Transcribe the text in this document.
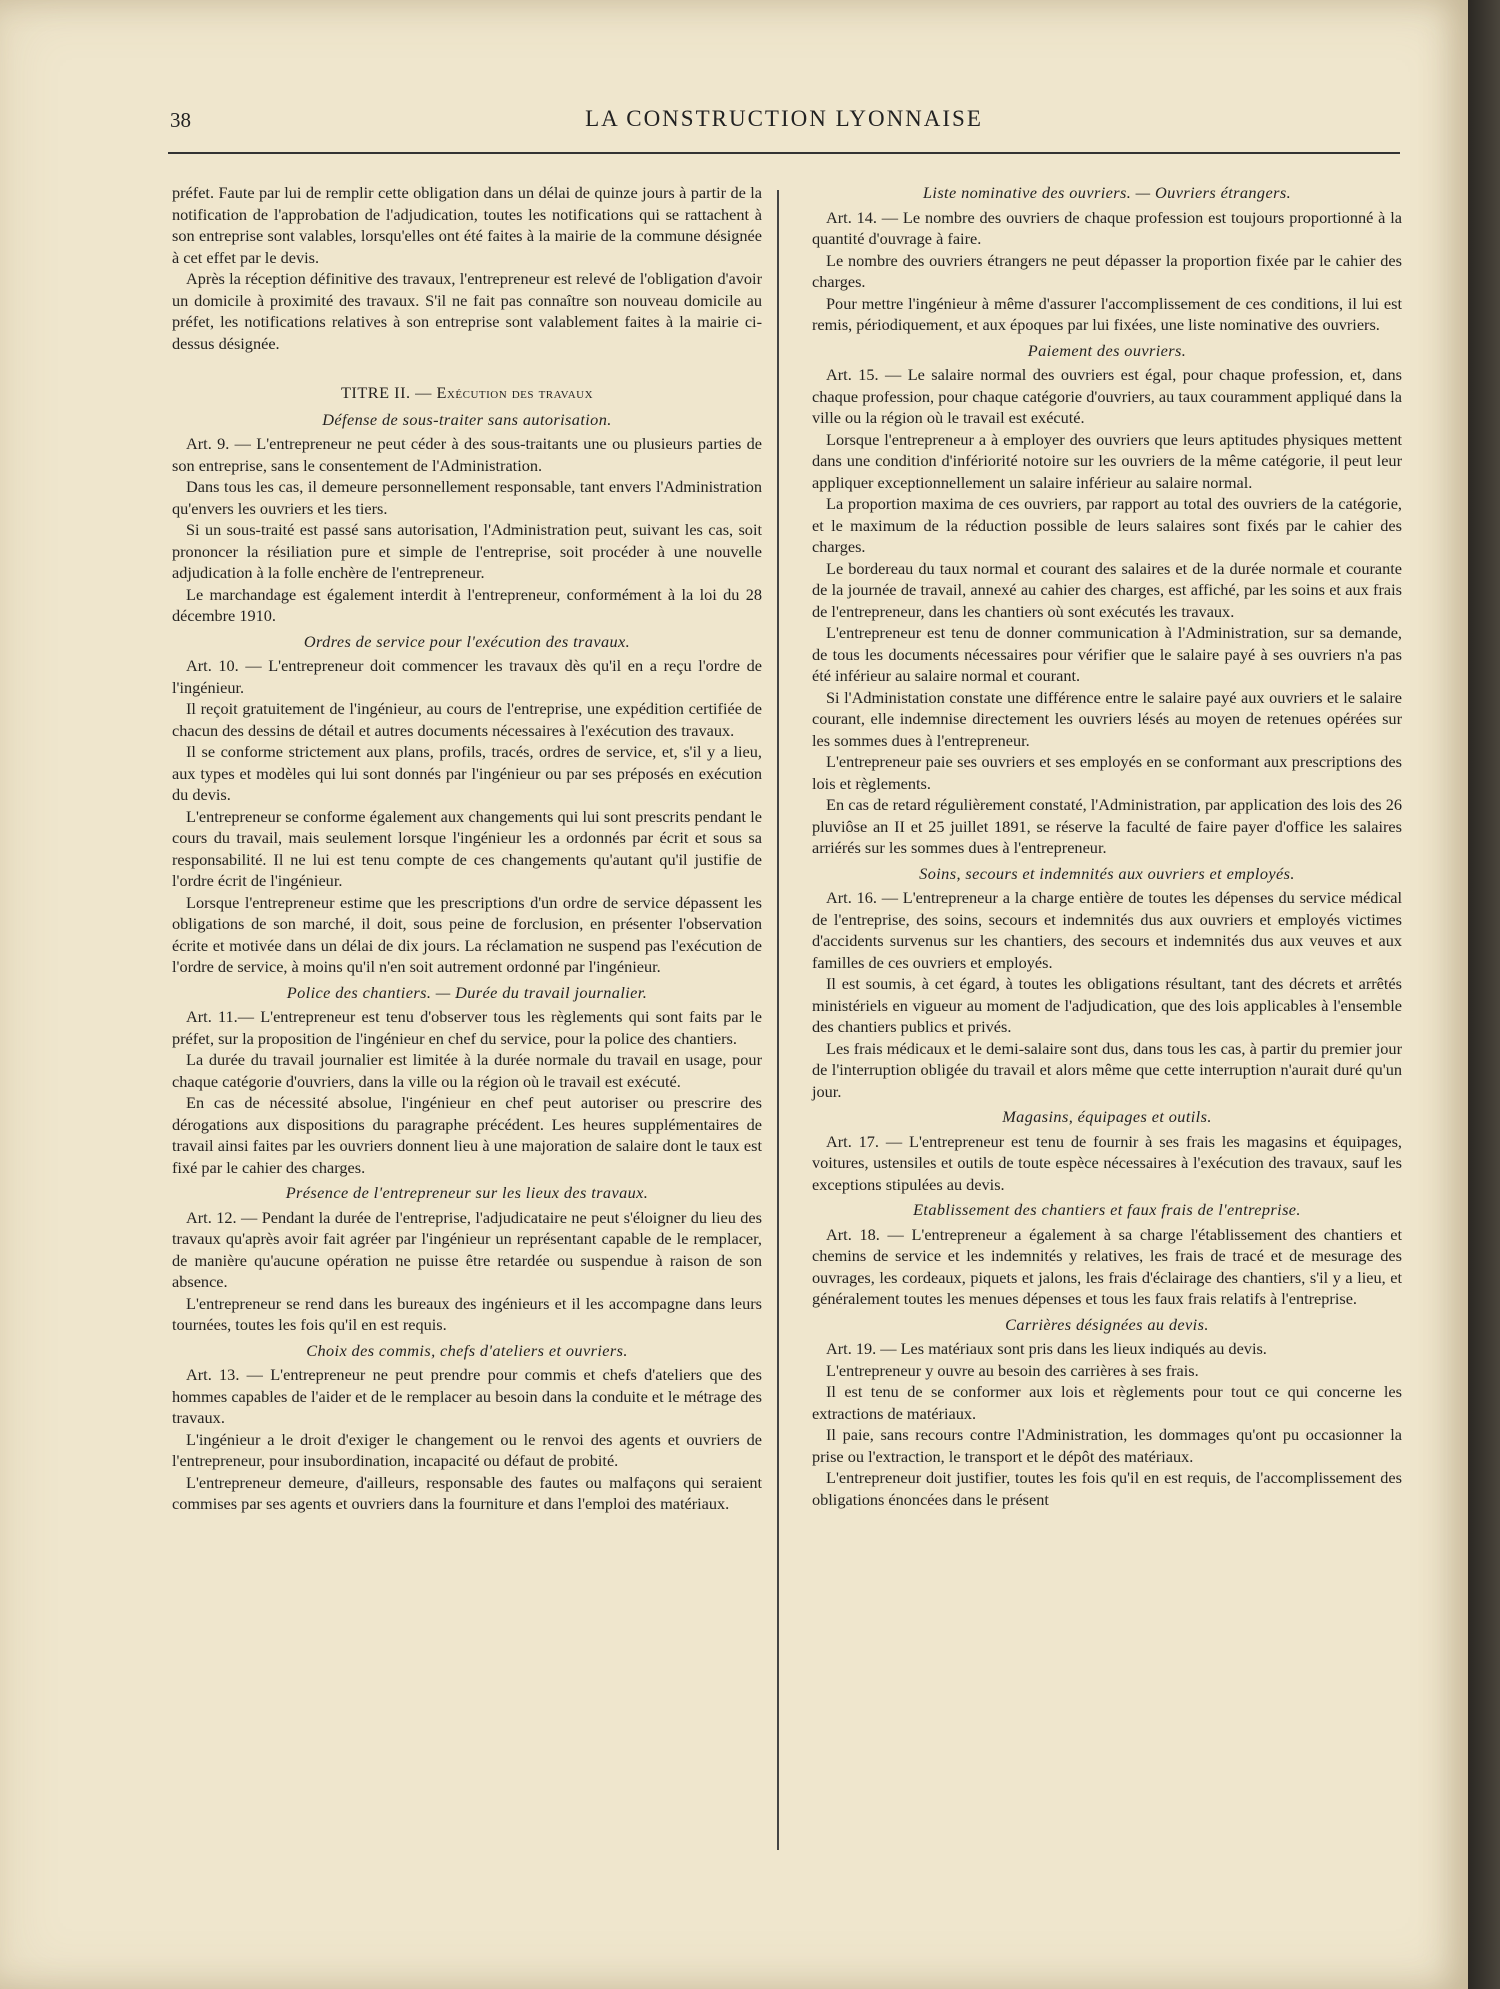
38	LA CONSTRUCTION LYONNAISE

préfet. Faute par lui de remplir cette obligation dans un délai de quinze jours à partir de la notification de l'approbation de l'adjudication, toutes les notifications qui se rattachent à son entreprise sont valables, lorsqu'elles ont été faites à la mairie de la commune désignée à cet effet par le devis.

Après la réception définitive des travaux, l'entrepreneur est relevé de l'obligation d'avoir un domicile à proximité des travaux. S'il ne fait pas connaître son nouveau domicile au préfet, les notifications relatives à son entreprise sont valablement faites à la mairie ci-dessus désignée.

TITRE II. — Exécution des travaux
Défense de sous-traiter sans autorisation.

Art. 9. — L'entrepreneur ne peut céder à des sous-traitants une ou plusieurs parties de son entreprise, sans le consentement de l'Administration.

Dans tous les cas, il demeure personnellement responsable, tant envers l'Administration qu'envers les ouvriers et les tiers.

Si un sous-traité est passé sans autorisation, l'Administration peut, suivant les cas, soit prononcer la résiliation pure et simple de l'entreprise, soit procéder à une nouvelle adjudication à la folle enchère de l'entrepreneur.

Le marchandage est également interdit à l'entrepreneur, conformément à la loi du 28 décembre 1910.

Ordres de service pour l'exécution des travaux.

Art. 10. — L'entrepreneur doit commencer les travaux dès qu'il en a reçu l'ordre de l'ingénieur.

Il reçoit gratuitement de l'ingénieur, au cours de l'entreprise, une expédition certifiée de chacun des dessins de détail et autres documents nécessaires à l'exécution des travaux.

Il se conforme strictement aux plans, profils, tracés, ordres de service, et, s'il y a lieu, aux types et modèles qui lui sont donnés par l'ingénieur ou par ses préposés en exécution du devis.

L'entrepreneur se conforme également aux changements qui lui sont prescrits pendant le cours du travail, mais seulement lorsque l'ingénieur les a ordonnés par écrit et sous sa responsabilité. Il ne lui est tenu compte de ces changements qu'autant qu'il justifie de l'ordre écrit de l'ingénieur.

Lorsque l'entrepreneur estime que les prescriptions d'un ordre de service dépassent les obligations de son marché, il doit, sous peine de forclusion, en présenter l'observation écrite et motivée dans un délai de dix jours. La réclamation ne suspend pas l'exécution de l'ordre de service, à moins qu'il n'en soit autrement ordonné par l'ingénieur.

Police des chantiers. — Durée du travail journalier.

Art. 11.— L'entrepreneur est tenu d'observer tous les règlements qui sont faits par le préfet, sur la proposition de l'ingénieur en chef du service, pour la police des chantiers.

La durée du travail journalier est limitée à la durée normale du travail en usage, pour chaque catégorie d'ouvriers, dans la ville ou la région où le travail est exécuté.

En cas de nécessité absolue, l'ingénieur en chef peut autoriser ou prescrire des dérogations aux dispositions du paragraphe précédent. Les heures supplémentaires de travail ainsi faites par les ouvriers donnent lieu à une majoration de salaire dont le taux est fixé par le cahier des charges.

Présence de l'entrepreneur sur les lieux des travaux.

Art. 12. — Pendant la durée de l'entreprise, l'adjudicataire ne peut s'éloigner du lieu des travaux qu'après avoir fait agréer par l'ingénieur un représentant capable de le remplacer, de manière qu'aucune opération ne puisse être retardée ou suspendue à raison de son absence.

L'entrepreneur se rend dans les bureaux des ingénieurs et il les accompagne dans leurs tournées, toutes les fois qu'il en est requis.

Choix des commis, chefs d'ateliers et ouvriers.

Art. 13. — L'entrepreneur ne peut prendre pour commis et chefs d'ateliers que des hommes capables de l'aider et de le remplacer au besoin dans la conduite et le métrage des travaux.

L'ingénieur a le droit d'exiger le changement ou le renvoi des agents et ouvriers de l'entrepreneur, pour insubordination, incapacité ou défaut de probité.

L'entrepreneur demeure, d'ailleurs, responsable des fautes ou malfaçons qui seraient commises par ses agents et ouvriers dans la fourniture et dans l'emploi des matériaux.

Liste nominative des ouvriers. — Ouvriers étrangers.

Art. 14. — Le nombre des ouvriers de chaque profession est toujours proportionné à la quantité d'ouvrage à faire.

Le nombre des ouvriers étrangers ne peut dépasser la proportion fixée par le cahier des charges.

Pour mettre l'ingénieur à même d'assurer l'accomplissement de ces conditions, il lui est remis, périodiquement, et aux époques par lui fixées, une liste nominative des ouvriers.

Paiement des ouvriers.

Art. 15. — Le salaire normal des ouvriers est égal, pour chaque profession, et, dans chaque profession, pour chaque catégorie d'ouvriers, au taux couramment appliqué dans la ville ou la région où le travail est exécuté.

Lorsque l'entrepreneur a à employer des ouvriers que leurs aptitudes physiques mettent dans une condition d'infériorité notoire sur les ouvriers de la même catégorie, il peut leur appliquer exceptionnellement un salaire inférieur au salaire normal.

La proportion maxima de ces ouvriers, par rapport au total des ouvriers de la catégorie, et le maximum de la réduction possible de leurs salaires sont fixés par le cahier des charges.

Le bordereau du taux normal et courant des salaires et de la durée normale et courante de la journée de travail, annexé au cahier des charges, est affiché, par les soins et aux frais de l'entrepreneur, dans les chantiers où sont exécutés les travaux.

L'entrepreneur est tenu de donner communication à l'Administration, sur sa demande, de tous les documents nécessaires pour vérifier que le salaire payé à ses ouvriers n'a pas été inférieur au salaire normal et courant.

Si l'Administation constate une différence entre le salaire payé aux ouvriers et le salaire courant, elle indemnise directement les ouvriers lésés au moyen de retenues opérées sur les sommes dues à l'entrepreneur.

L'entrepreneur paie ses ouvriers et ses employés en se conformant aux prescriptions des lois et règlements.

En cas de retard régulièrement constaté, l'Administration, par application des lois des 26 pluviôse an II et 25 juillet 1891, se réserve la faculté de faire payer d'office les salaires arriérés sur les sommes dues à l'entrepreneur.

Soins, secours et indemnités aux ouvriers et employés.

Art. 16. — L'entrepreneur a la charge entière de toutes les dépenses du service médical de l'entreprise, des soins, secours et indemnités dus aux ouvriers et employés victimes d'accidents survenus sur les chantiers, des secours et indemnités dus aux veuves et aux familles de ces ouvriers et employés.

Il est soumis, à cet égard, à toutes les obligations résultant, tant des décrets et arrêtés ministériels en vigueur au moment de l'adjudication, que des lois applicables à l'ensemble des chantiers publics et privés.

Les frais médicaux et le demi-salaire sont dus, dans tous les cas, à partir du premier jour de l'interruption obligée du travail et alors même que cette interruption n'aurait duré qu'un jour.

Magasins, équipages et outils.

Art. 17. — L'entrepreneur est tenu de fournir à ses frais les magasins et équipages, voitures, ustensiles et outils de toute espèce nécessaires à l'exécution des travaux, sauf les exceptions stipulées au devis.

Etablissement des chantiers et faux frais de l'entreprise.

Art. 18. — L'entrepreneur a également à sa charge l'établissement des chantiers et chemins de service et les indemnités y relatives, les frais de tracé et de mesurage des ouvrages, les cordeaux, piquets et jalons, les frais d'éclairage des chantiers, s'il y a lieu, et généralement toutes les menues dépenses et tous les faux frais relatifs à l'entreprise.

Carrières désignées au devis.

Art. 19. — Les matériaux sont pris dans les lieux indiqués au devis.

L'entrepreneur y ouvre au besoin des carrières à ses frais.

Il est tenu de se conformer aux lois et règlements pour tout ce qui concerne les extractions de matériaux.

Il paie, sans recours contre l'Administration, les dommages qu'ont pu occasionner la prise ou l'extraction, le transport et le dépôt des matériaux.

L'entrepreneur doit justifier, toutes les fois qu'il en est requis, de l'accomplissement des obligations énoncées dans le présent
